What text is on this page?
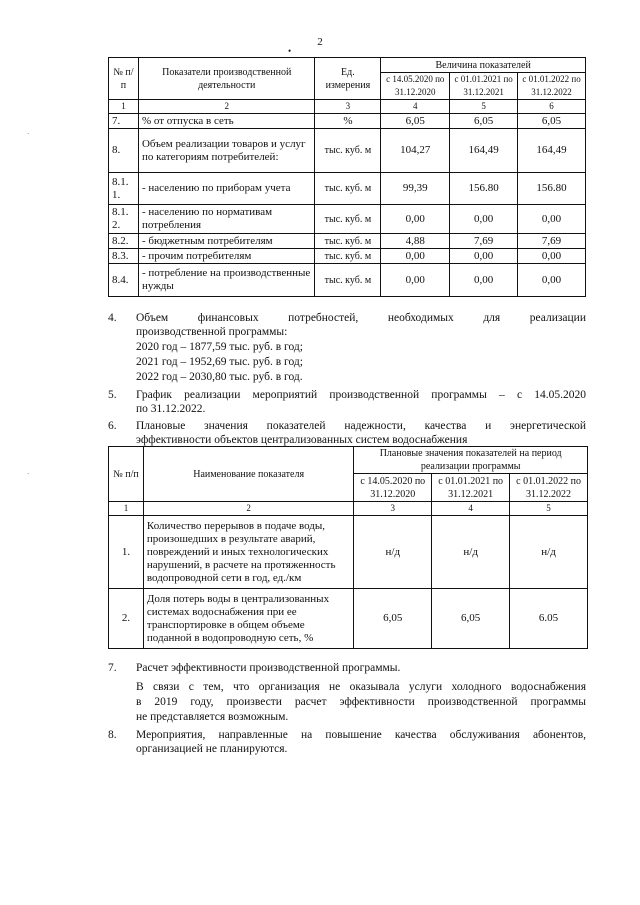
2
•
·
·
№ п/п	Показатели производственной деятельности	Ед. измерения	Величина показателей		
			с 14.05.2020 по 31.12.2020	с 01.01.2021 по 31.12.2021	с 01.01.2022 по 31.12.2022
1	2	3	4	5	6
7.	% от отпуска в сеть	%	6,05	6,05	6,05
8.	Объем реализации товаров и услуг по категориям потребителей:	тыс. куб. м	104,27	164,49	164,49
8.1. 1.	- населению по приборам учета	тыс. куб. м	99,39	156.80	156.80
8.1. 2.	- населению по нормативам потребления	тыс. куб. м	0,00	0,00	0,00
8.2.	- бюджетным потребителям	тыс. куб. м	4,88	7,69	7,69
8.3.	- прочим потребителям	тыс. куб. м	0,00	0,00	0,00
8.4.	- потребление на производственные нужды	тыс. куб. м	0,00	0,00	0,00
4. Объем финансовых потребностей, необходимых для реализации
производственной программы:
2020 год – 1877,59 тыс. руб. в год;
2021 год – 1952,69 тыс. руб. в год;
2022 год – 2030,80 тыс. руб. в год.
5. График реализации мероприятий производственной программы – с 14.05.2020
по 31.12.2022.
6. Плановые значения показателей надежности, качества и энергетической
эффективности объектов централизованных систем водоснабжения
№ п/п	Наименование показателя	Плановые значения показателей на период реализации программы		
		с 14.05.2020 по 31.12.2020	с 01.01.2021 по 31.12.2021	с 01.01.2022 по 31.12.2022
1	2	3	4	5
1.	Количество перерывов в подаче воды, произошедших в результате аварий, повреждений и иных технологических нарушений, в расчете на протяженность водопроводной сети в год, ед./км	н/д	н/д	н/д
2.	Доля потерь воды в централизованных системах водоснабжения при ее транспортировке в общем объеме поданной в водопроводную сеть, %	6,05	6,05	6.05
7. Расчет эффективности производственной программы.
В связи с тем, что организация не оказывала услуги холодного водоснабжения
в 2019 году, произвести расчет эффективности производственной программы
не представляется возможным.
8. Мероприятия, направленные на повышение качества обслуживания абонентов,
организацией не планируются.
